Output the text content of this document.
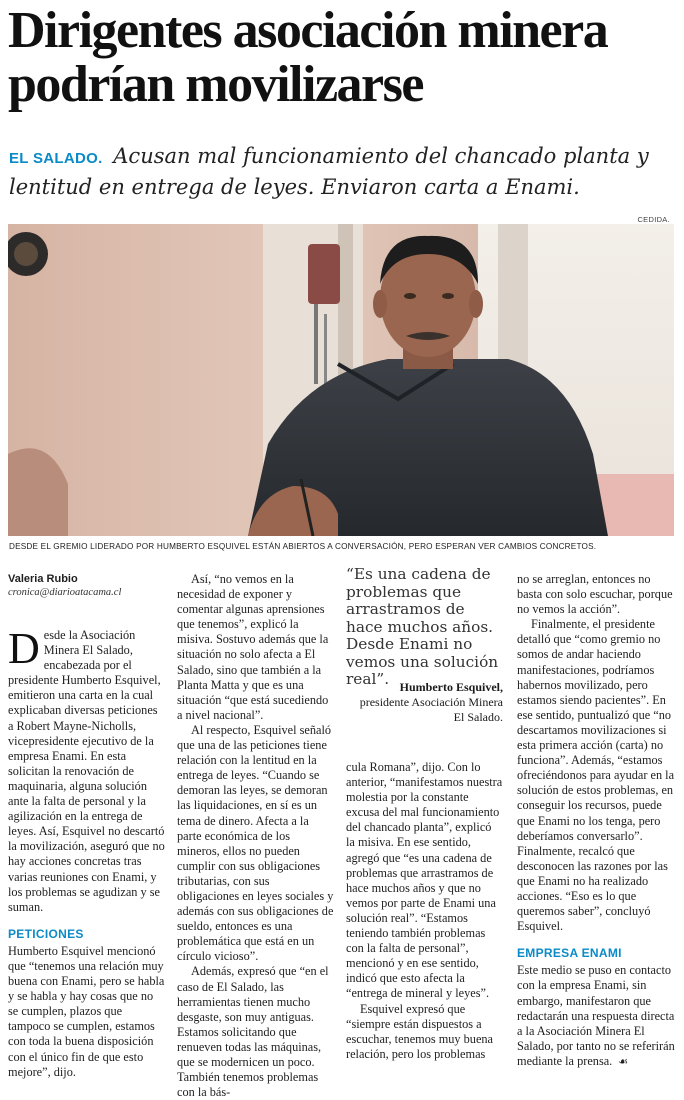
Dirigentes asociación minera
podrían movilizarse
EL SALADO. Acusan mal funcionamiento del chancado planta y
lentitud en entrega de leyes. Enviaron carta a Enami.
CEDIDA.
DESDE EL GREMIO LIDERADO POR HUMBERTO ESQUIVEL ESTÁN ABIERTOS A CONVERSACIÓN, PERO ESPERAN VER CAMBIOS CONCRETOS.

Valeria Rubio

cronica@diarioatacama.cl

Desde la Asociación Minera El Salado, encabezada por el presidente Humberto Esquivel, emitieron una carta en la cual explicaban diversas peticiones a Robert Mayne-Nicholls, vicepresidente ejecutivo de la empresa Enami. En esta solicitan la renovación de maquinaria, alguna solución ante la falta de personal y la agilización en la entrega de leyes. Así, Esquivel no descartó la movilización, aseguró que no hay acciones concretas tras varias reuniones con Enami, y los problemas se agudizan y se suman.

PETICIONES

Humberto Esquivel mencionó que “tenemos una relación muy buena con Enami, pero se habla y se habla y hay cosas que no se cumplen, plazos que tampoco se cumplen, estamos con toda la buena disposición con el único fin de que esto mejore”, dijo.

Así, “no vemos en la necesidad de exponer y comentar algunas aprensiones que tenemos”, explicó la misiva. Sostuvo además que la situación no solo afecta a El Salado, sino que también a la Planta Matta y que es una situación “que está sucediendo a nivel nacional”.

Al respecto, Esquivel señaló que una de las peticiones tiene relación con la lentitud en la entrega de leyes. “Cuando se demoran las leyes, se demoran las liquidaciones, en sí es un tema de dinero. Afecta a la parte económica de los mineros, ellos no pueden cumplir con sus obligaciones tributarias, con sus obligaciones en leyes sociales y además con sus obligaciones de sueldo, entonces es una problemática que está en un círculo vicioso”.

Además, expresó que “en el caso de El Salado, las herramientas tienen mucho desgaste, son muy antiguas. Estamos solicitando que renueven todas las máquinas, que se modernicen un poco. También tenemos problemas con la bás-

“Es una cadena de problemas que arrastramos de hace muchos años. Desde Enami no vemos una solución real”. Humberto Esquivel,
presidente Asociación Minera
El Salado.

cula Romana”, dijo. Con lo anterior, “manifestamos nuestra molestia por la constante excusa del mal funcionamiento del chancado planta”, explicó la misiva. En ese sentido, agregó que “es una cadena de problemas que arrastramos de hace muchos años y que no vemos por parte de Enami una solución real”. “Estamos teniendo también problemas con la falta de personal”, mencionó y en ese sentido, indicó que esto afecta la “entrega de mineral y leyes”.

Esquivel expresó que “siempre están dispuestos a escuchar, tenemos muy buena relación, pero los problemas

no se arreglan, entonces no basta con solo escuchar, porque no vemos la acción”.

Finalmente, el presidente detalló que “como gremio no somos de andar haciendo manifestaciones, podríamos habernos movilizado, pero estamos siendo pacientes”. En ese sentido, puntualizó que “no descartamos movilizaciones si esta primera acción (carta) no funciona”. Además, “estamos ofreciéndonos para ayudar en la solución de estos problemas, en conseguir los recursos, puede que Enami no los tenga, pero deberíamos conversarlo”. Finalmente, recalcó que desconocen las razones por las que Enami no ha realizado acciones. “Eso es lo que queremos saber”, concluyó Esquivel.

EMPRESA ENAMI

Este medio se puso en contacto con la empresa Enami, sin embargo, manifestaron que redactarán una respuesta directa a la Asociación Minera El Salado, por tanto no se referirán mediante la prensa. ☙
